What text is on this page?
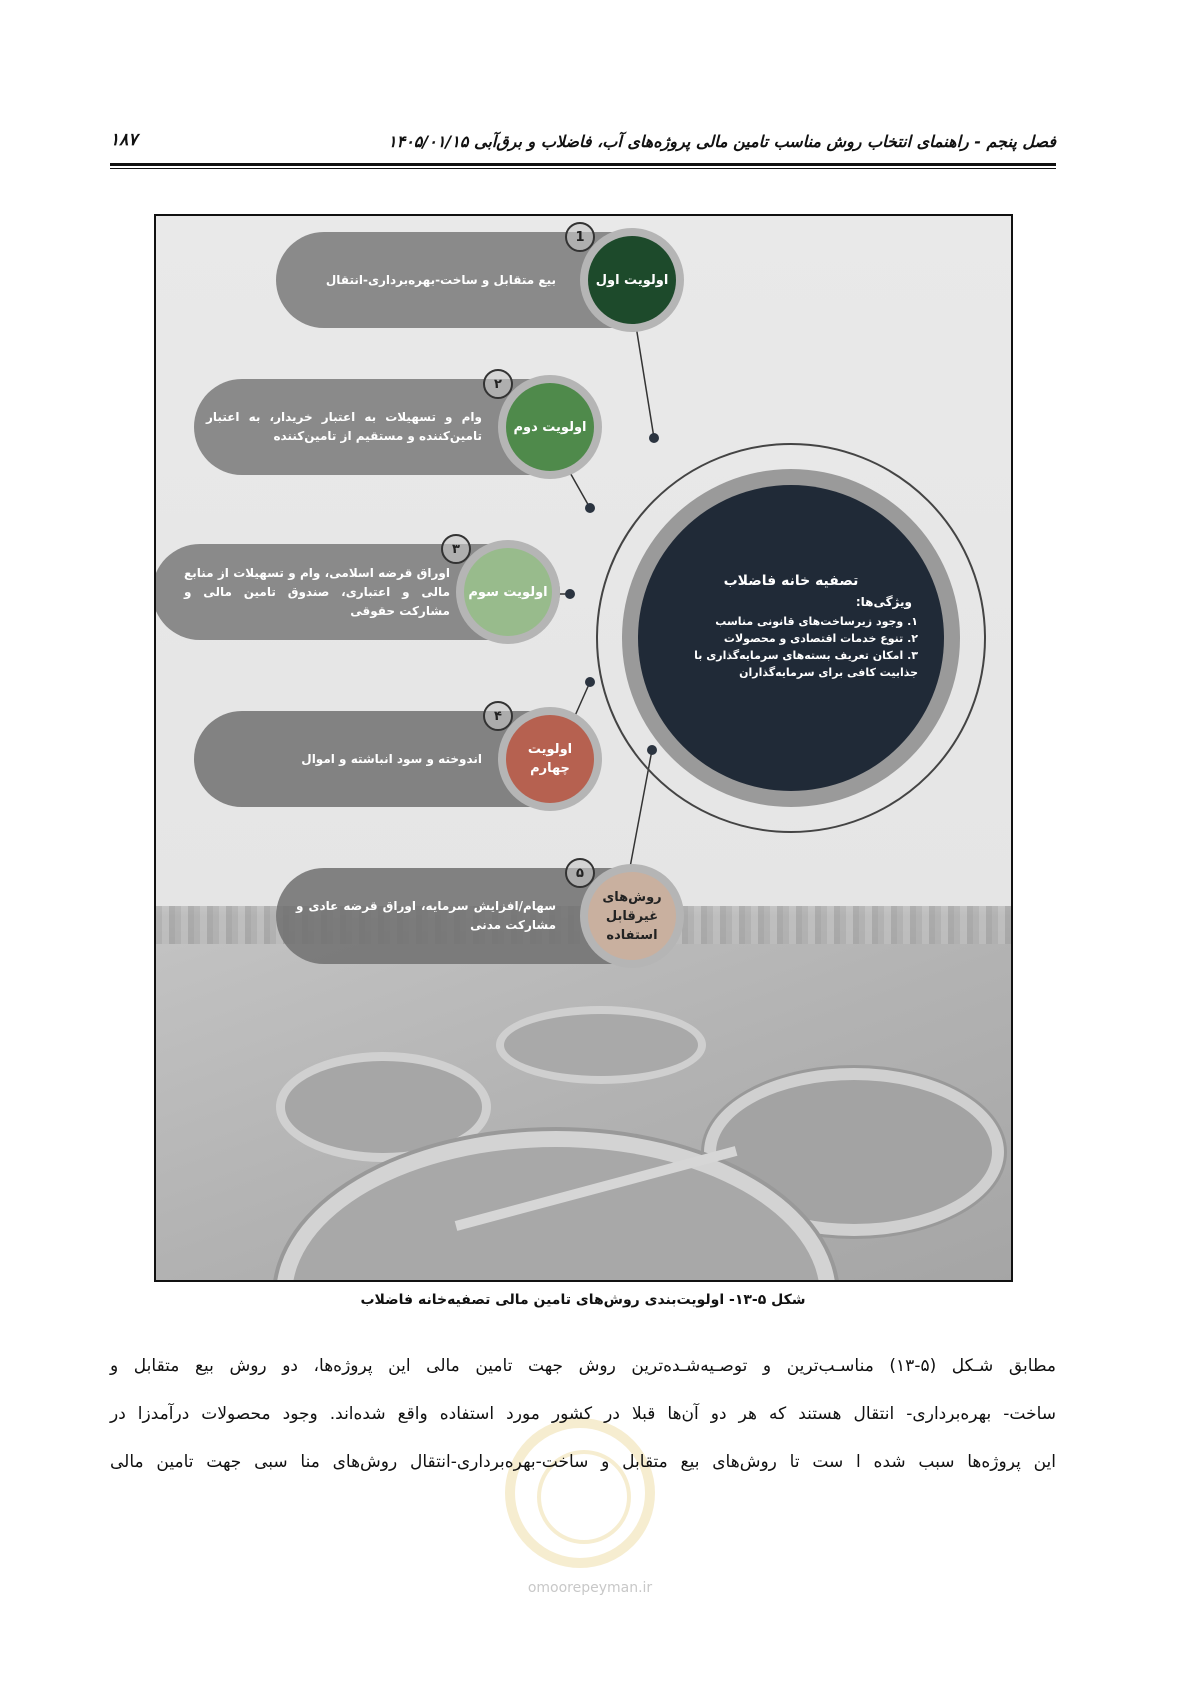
فصل پنجم - راهنمای انتخاب روش مناسب تامین مالی پروژه‌های آب، فاضلاب و برق‌آبی ۱۴۰۵/۰۱/۱۵
۱۸۷
تصفیه خانه فاضلاب
ویژگی‌ها:
۱. وجود زیرساخت‌های قانونی مناسب
۲. تنوع خدمات اقتصادی و محصولات
۳. امکان تعریف بسته‌های سرمایه‌گذاری با جذابیت کافی برای سرمایه‌گذاران
بیع متقابل و ساخت-بهره‌برداری-انتقال	اولویت اول
1
وام و تسهیلات به اعتبار خریدار، به اعتبار تامین‌کننده و مستقیم از تامین‌کننده
اولویت دوم
۲
اوراق قرضه اسلامی، وام و تسهیلات از منابع مالی و اعتباری، صندوق تامین مالی و مشارکت حقوقی
اولویت سوم
۳
اندوخته و سود انباشته و اموال
اولویت چهارم
۴
سهام/افزایش سرمایه، اوراق قرضه عادی و مشارکت مدنی
روش‌های غیرقابل استفاده
۵
شکل ۵-۱۳- اولویت‌بندی روش‌های تامین مالی تصفیه‌خانه فاضلاب

مطابق شـکل (۵-۱۳) مناسـب‌ترین و توصـیه‌شـده‌ترین روش جهت تامین مالی این پروژه‌ها، دو روش بیع متقابل و

ساخت- بهره‌برداری- انتقال هستند که هر دو آن‌ها قبلا در کشور مورد استفاده واقع شده‌اند. وجود محصولات درآمدزا در

این پروژه‌ها سبب شده ا ست تا روش‌های بیع متقابل و ساخت-بهره‌برداری-انتقال روش‌های منا سبی جهت تامین مالی

omoorepeyman.ir
